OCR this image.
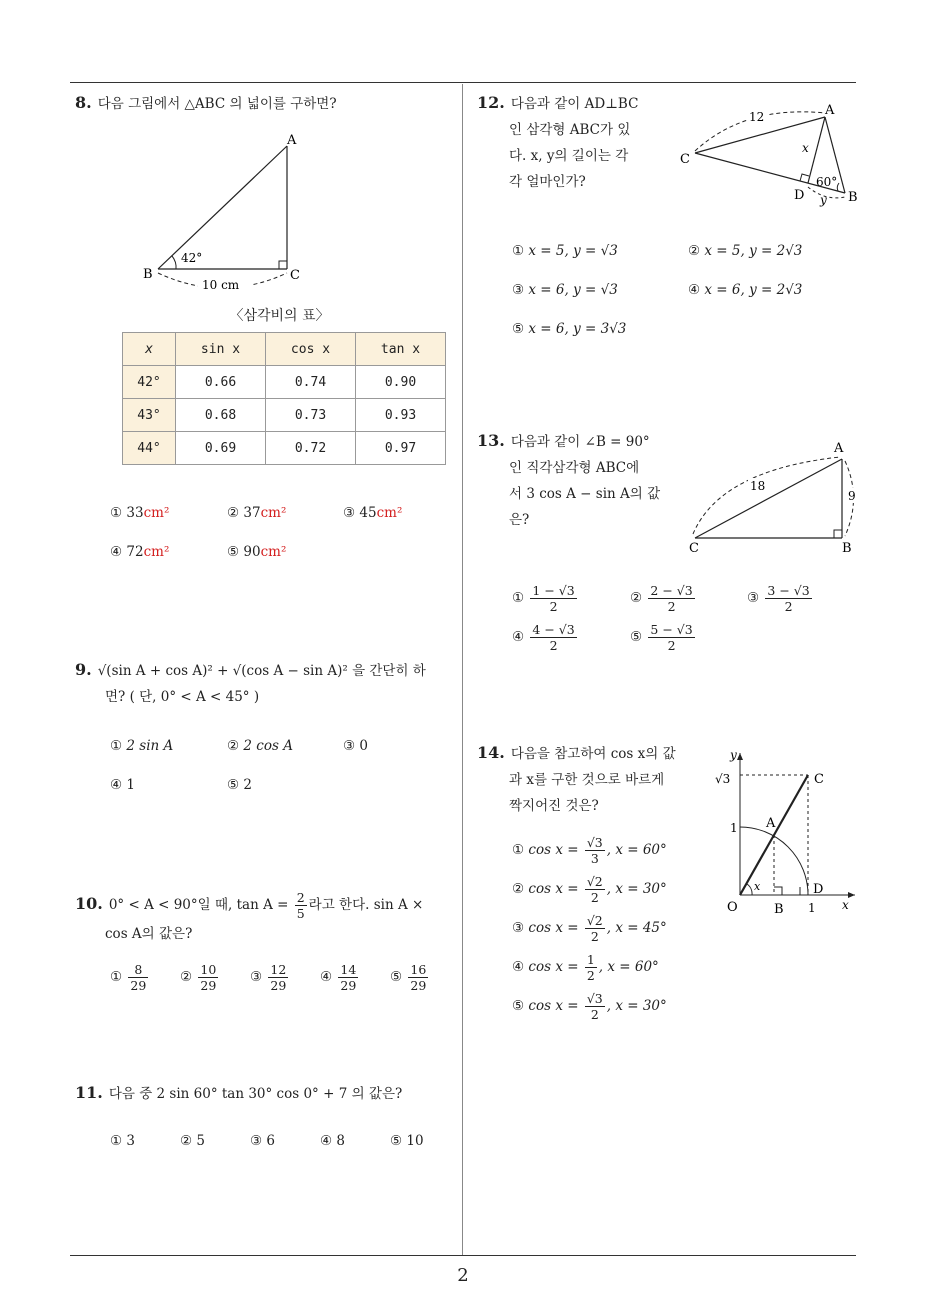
2
8. 다음 그림에서 △ABC 의 넓이를 구하면?
A
B	C
42°
10 cm
〈삼각비의 표〉
x	sin x	cos x	tan x
42°	0.66	0.74	0.90
43°	0.68	0.73	0.93
44°	0.69	0.72	0.97
① 33cm²	② 37cm²	③ 45cm²
④ 72cm²	⑤ 90cm²
9. √(sin A + cos A)² + √(cos A − sin A)² 을 간단히 하
면? ( 단, 0° < A < 45° )
① 2 sin A	② 2 cos A	③ 0
④ 1	⑤ 2
10. 0° < A < 90°일 때, $\tan A = \frac{2}{5}$ 라고 한다. sin A ×
cos A의 값은?
① $\frac{8}{29}$ ② $\frac{10}{29}$ ③ $\frac{12}{29}$ ④ $\frac{14}{29}$ ⑤ $\frac{16}{29}$
11. 다음 중 2 sin 60° tan 30° cos 0° + 7 의 값은?
① 3	② 5	③ 6	④ 8	⑤ 10
12. 다음과 같이 AD⊥BC
인 삼각형 ABC가 있
다. x, y의 길이는 각
각 얼마인가?
A
B
C
D
12
x
y
60°
① x = 5, y = √3	② x = 5, y = 2√3
③ x = 6, y = √3	④ x = 6, y = 2√3
⑤ x = 6, y = 3√3
13. 다음과 같이 ∠B = 90°
인 직각삼각형 ABC에
서 3 cos A − sin A의 값
은?
A
B
C
18
9
① $\frac{1 - √3}{2}$	② $\frac{2 - √3}{2}$	③ $\frac{3 - √3}{2}$
④ $\frac{4 - √3}{2}$	⑤ $\frac{5 - √3}{2}$
14. 다음을 참고하여 cos x의 값
과 x를 구한 것으로 바르게
짝지어진 것은?
y
x
√3
1
1
A
B
C
D
O
x
① $\cos x = \frac{√3}{3}$ , x = 60°
② $\cos x = \frac{√2}{2}$ , x = 30°
③ $\cos x = \frac{√2}{2}$ , x = 45°
④ $\cos x = \frac{1}{2}$ , x = 60°
⑤ $\cos x = \frac{√3}{2}$ , x = 30°
